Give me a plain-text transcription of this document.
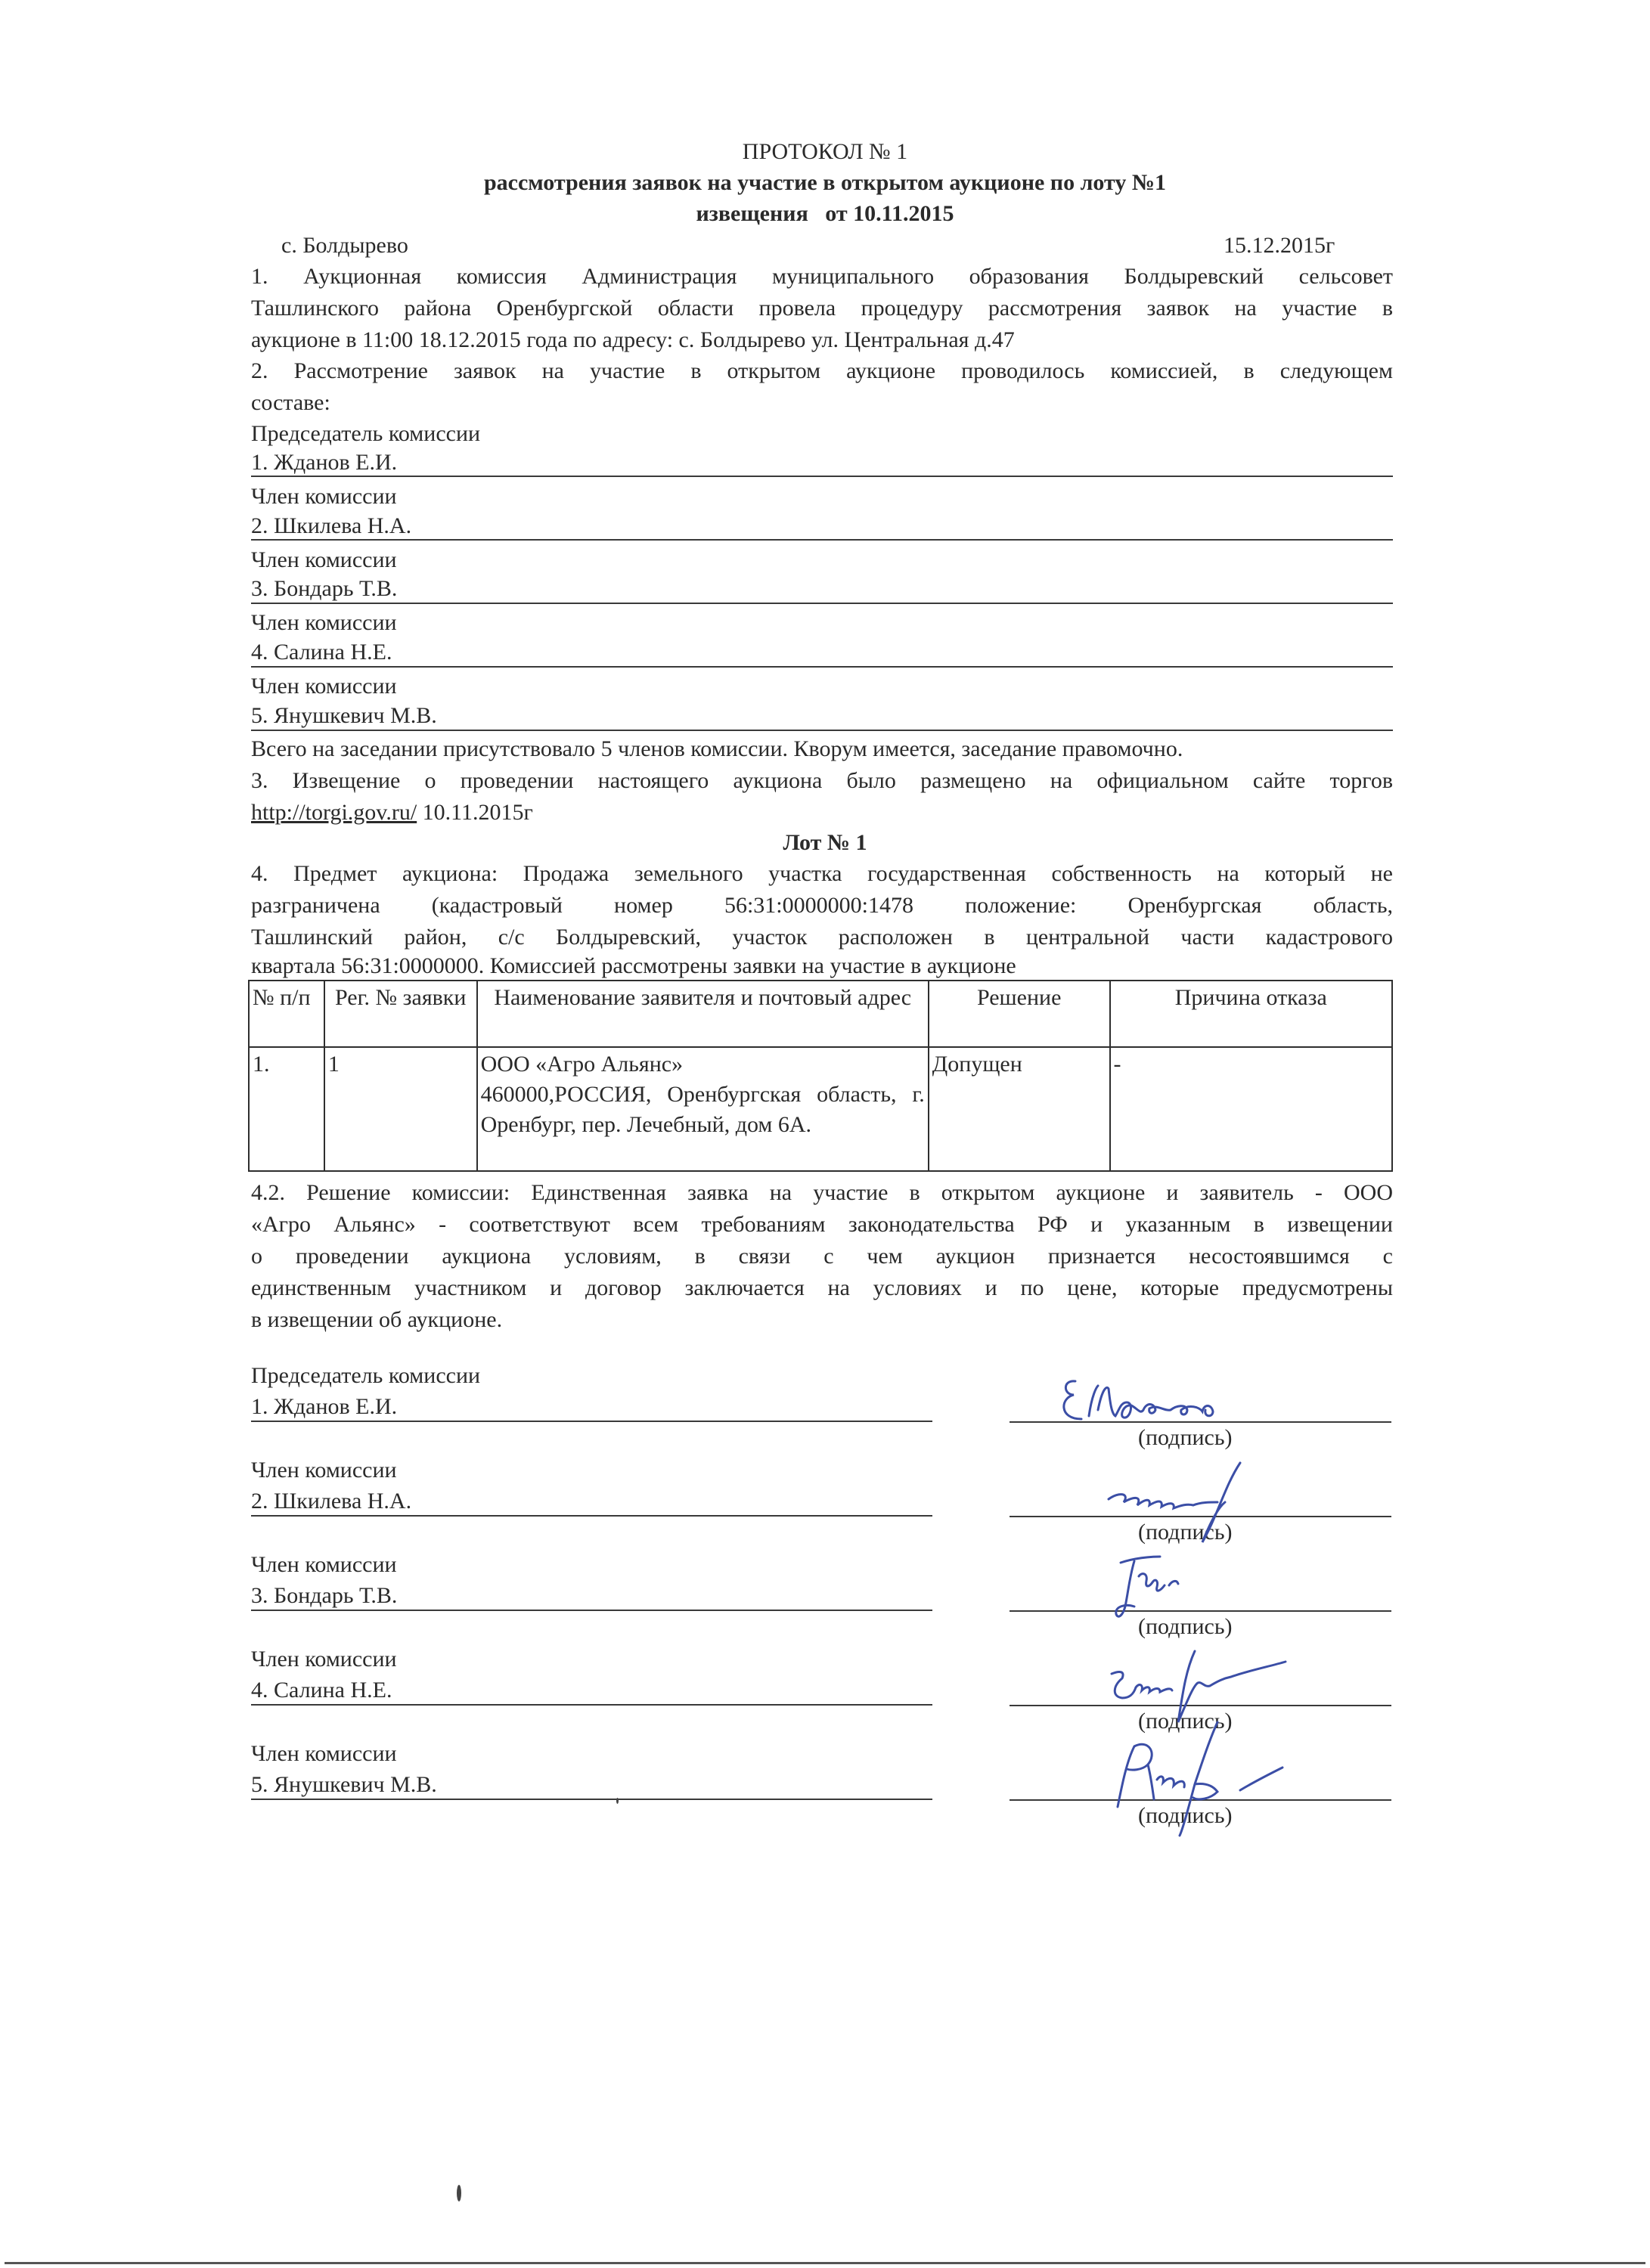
ПРОТОКОЛ № 1
рассмотрения заявок на участие в открытом аукционе по лоту №1
извещения   от 10.11.2015
с. Болдырево	15.12.2015г
1. Аукционная комиссия Администрация муниципального образования Болдыревский сельсовет
Ташлинского района Оренбургской области провела процедуру рассмотрения заявок на участие в
аукционе в 11:00 18.12.2015 года по адресу: с. Болдырево ул. Центральная д.47
2. Рассмотрение заявок на участие в открытом аукционе проводилось комиссией, в следующем
составе:
Председатель комиссии
1. Жданов Е.И.
Член комиссии
2. Шкилева Н.А.
Член комиссии
3. Бондарь Т.В.
Член комиссии
4. Салина Н.Е.
Член комиссии
5. Янушкевич М.В.
Всего на заседании присутствовало 5 членов комиссии. Кворум имеется, заседание правомочно.
3. Извещение о проведении настоящего аукциона было размещено на официальном сайте торгов
http://torgi.gov.ru/ 10.11.2015г
Лот № 1
4. Предмет аукциона: Продажа земельного участка государственная собственность на который не
разграничена (кадастровый номер 56:31:0000000:1478 положение: Оренбургская область,
Ташлинский район, с/с Болдыревский, участок расположен в центральной части кадастрового
квартала 56:31:0000000. Комиссией рассмотрены заявки на участие в аукционе
№ п/п	Рег. № заявки	Наименование заявителя и почтовый адрес	Решение	Причина отказа
1.	1	ООО «Агро Альянс»
460000,РОССИЯ, Оренбургская область, г. Оренбург, пер. Лечебный, дом 6А.	Допущен	-
4.2. Решение комиссии: Единственная заявка на участие в открытом аукционе и заявитель - ООО
«Агро Альянс» - соответствуют всем требованиям законодательства РФ и указанным в извещении
о проведении аукциона условиям, в связи с чем аукцион признается несостоявшимся с
единственным участником и договор заключается на условиях и по цене, которые предусмотрены
в извещении об аукционе.
Председатель комиссии
1. Жданов Е.И.
(подпись)
Член комиссии
2. Шкилева Н.А.
(подпись)
Член комиссии
3. Бондарь Т.В.
(подпись)
Член комиссии
4. Салина Н.Е.
(подпись)
Член комиссии
5. Янушкевич М.В.
(подпись)
